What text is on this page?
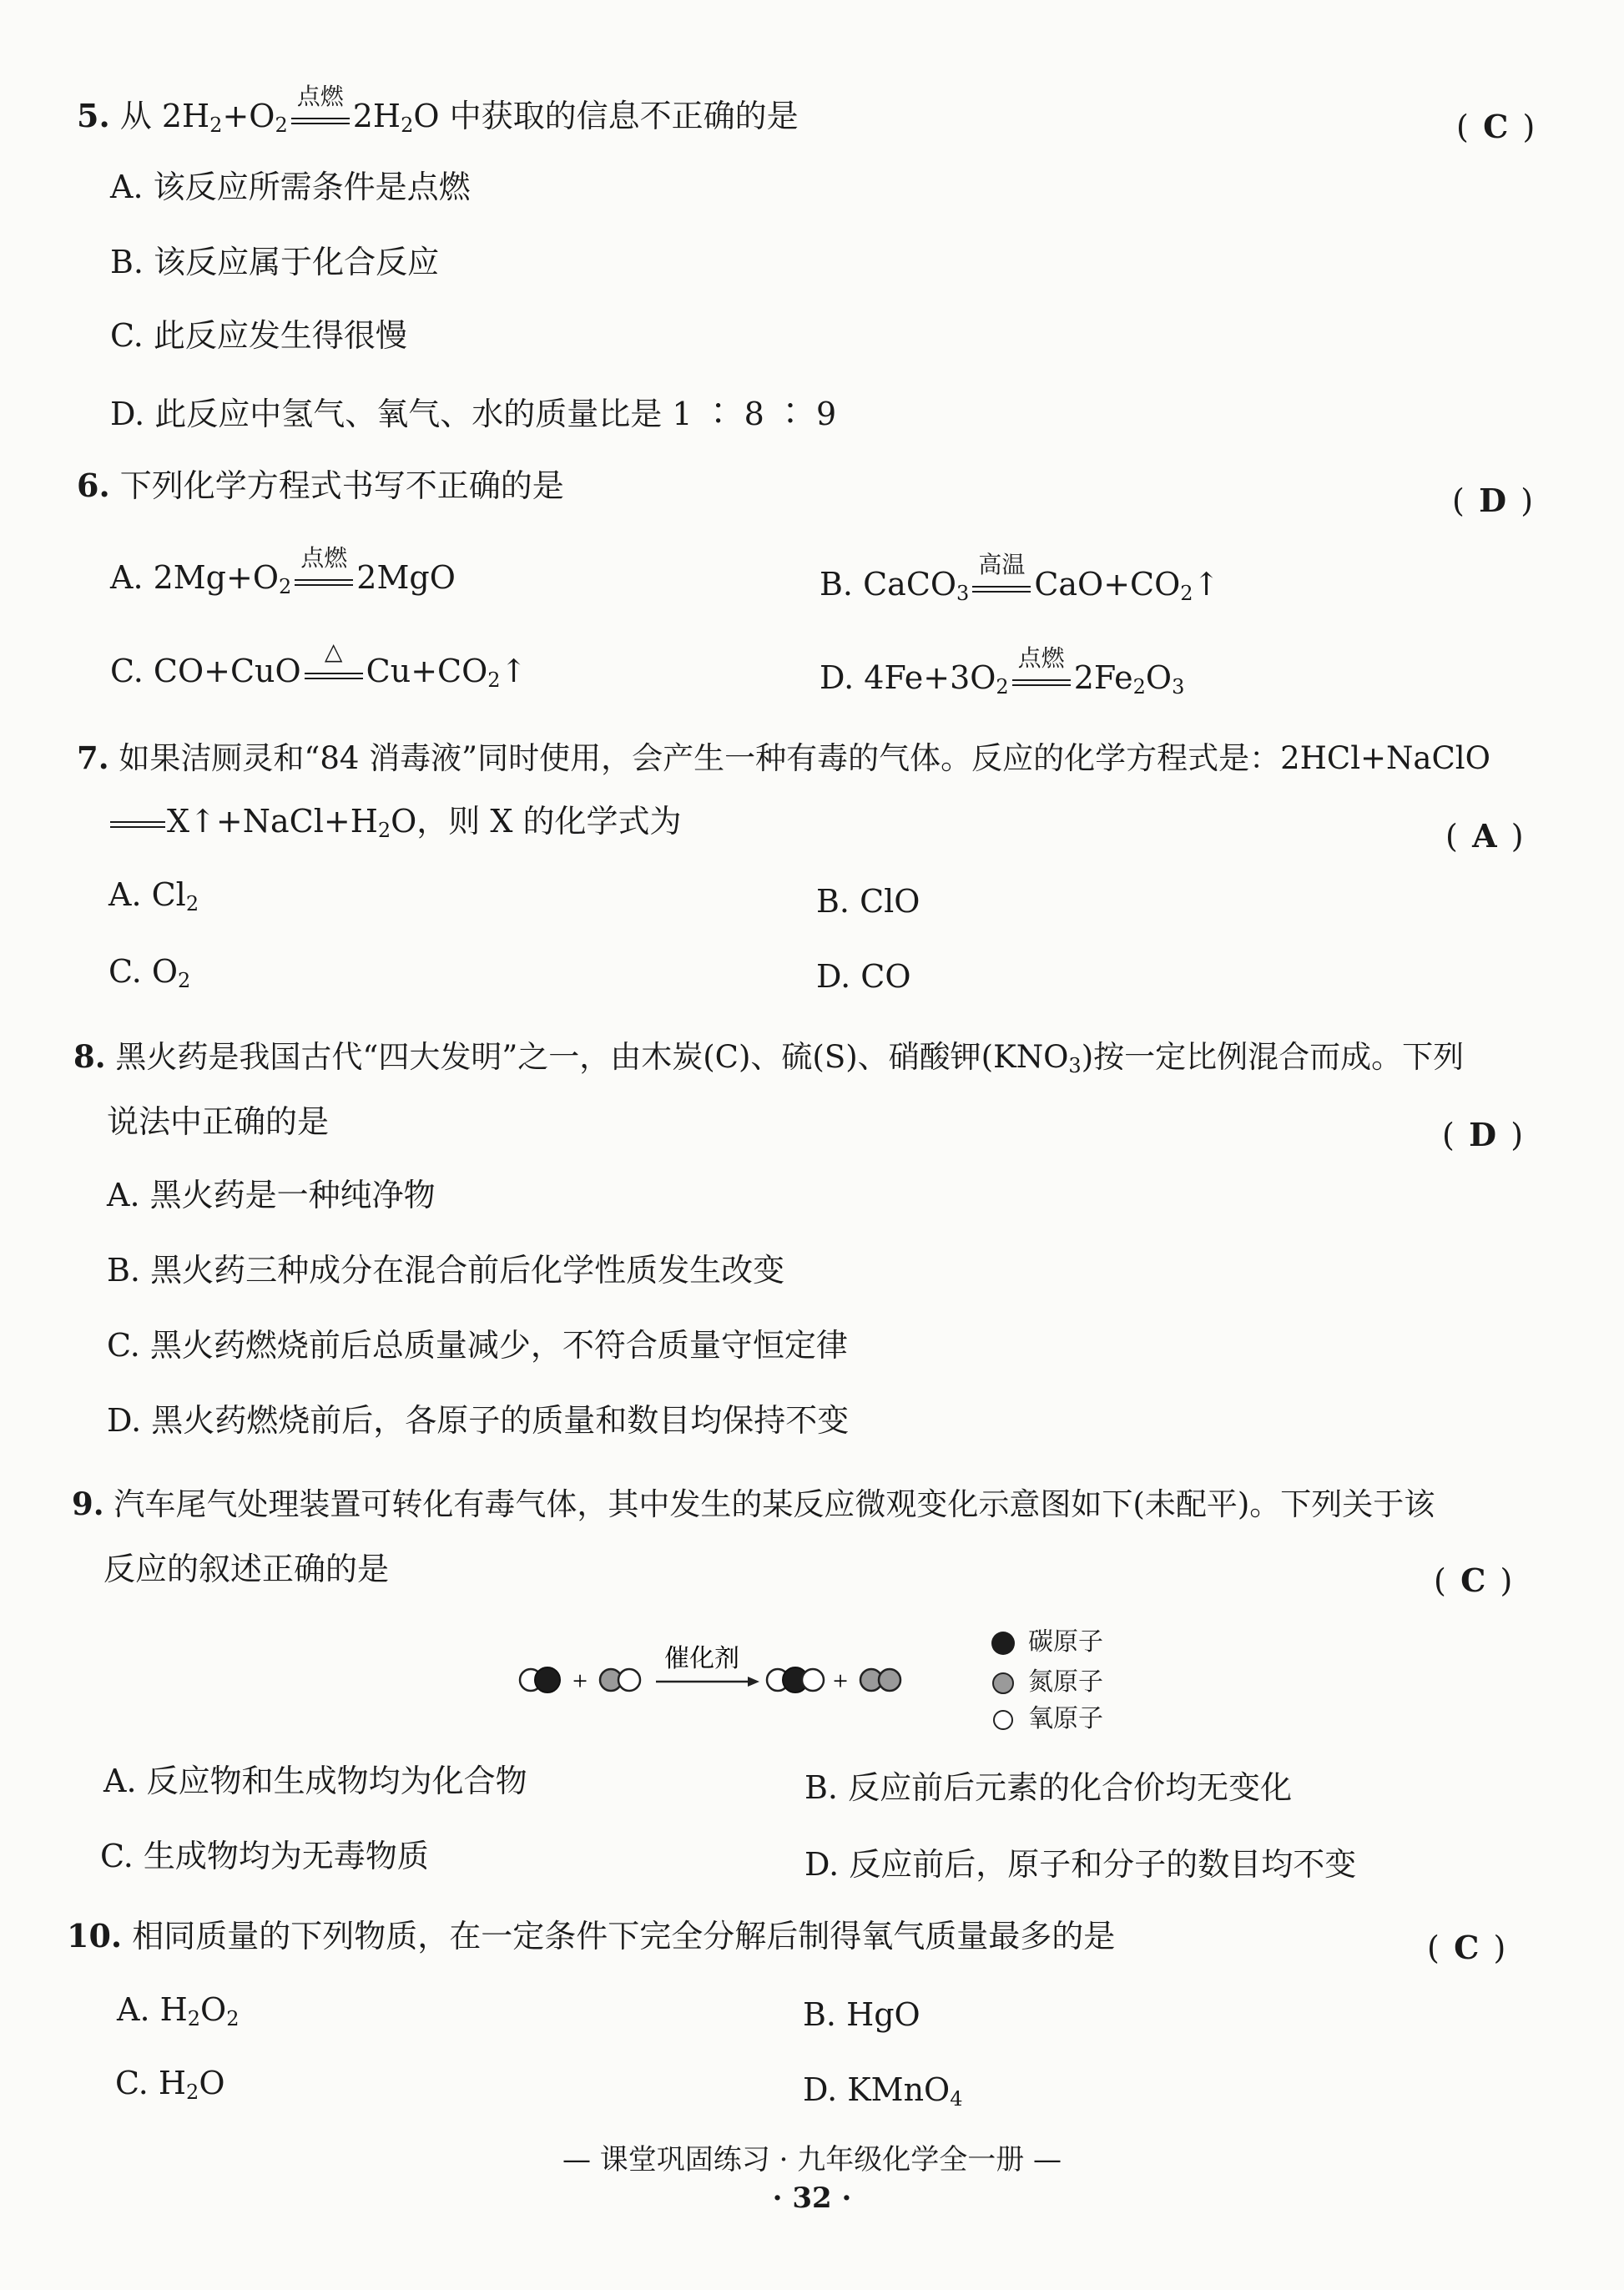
5. 从 $2H_2+O_2$
点燃
$2H_2O$ 中获取的信息不正确的是	( C )
A. 该反应所需条件是点燃
B. 该反应属于化合反应
C. 此反应发生得很慢
D. 此反应中氢气、氧气、水的质量比是 1 ∶ 8 ∶ 9
6. 下列化学方程式书写不正确的是	( D )
A. $2Mg+O_2$
点燃
2MgO	B. CaCO$_3$
高温
$CaO+CO_2↑$
C. CO+CuO
△
$Cu+CO_2↑$	D. $4Fe+3O_2$
点燃
$2Fe_2O_3$
7. 如果洁厕灵和“84 消毒液”同时使用，会产生一种有毒的气体。反应的化学方程式是：2HCl+NaClO
$X↑+NaCl+H_2O$，则 X 的化学式为	( A )
A. $Cl_2$	B. ClO
C. $O_2$	D. CO
8. 黑火药是我国古代“四大发明”之一，由木炭(C)、硫(S)、硝酸钾$(KNO_3)$按一定比例混合而成。下列
说法中正确的是	( D )
A. 黑火药是一种纯净物
B. 黑火药三种成分在混合前后化学性质发生改变
C. 黑火药燃烧前后总质量减少，不符合质量守恒定律
D. 黑火药燃烧前后，各原子的质量和数目均保持不变
9. 汽车尾气处理装置可转化有毒气体，其中发生的某反应微观变化示意图如下(未配平)。下列关于该
反应的叙述正确的是	( C )
+
催化剂
+
碳原子
氮原子
氧原子
A. 反应物和生成物均为化合物	B. 反应前后元素的化合价均无变化
C. 生成物均为无毒物质	D. 反应前后，原子和分子的数目均不变
10. 相同质量的下列物质，在一定条件下完全分解后制得氧气质量最多的是	( C )
A. $H_2O_2$	B. HgO
C. $H_2O$	D. KMnO$_4$
— 课堂巩固练习 · 九年级化学全一册 —
· 32 ·
